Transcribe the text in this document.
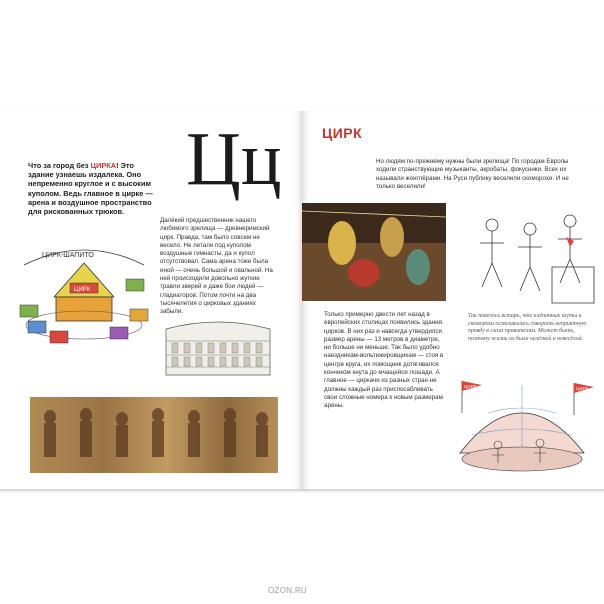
Цц
Что за город без ЦИРКА! Это здание узнаешь издалека. Оно непременно круглое и с высоким куполом. Ведь главное в цирке — арена и воздушное пространство для рискованных трюков.
Далёкий предшественник нашего любимого зрелища — древнеримский цирк. Правда, там было совсем не весело. Не летали под куполом воздушные гимнасты, да и купол отсутствовал. Сама арена тоже была иной — очень большой и овальной. На ней происходили довольно жуткие травли зверей и даже бои людей — гладиаторов. Потом почти на два тысячелетия о цирковых зданиях забыли.
ЦИРК-ШАПИТО
ЦИРК
ЦИРК
Но людям по-прежнему нужны были зрелища! По городам Европы ходили странствующие музыканты, акробаты, фокусники. Всех их называли жонглёрами. На Руси публику веселили скоморохи. И не только веселили!
Так повелось встарь, что клёпанные шуты и скоморохи осмеливались говорить неприятную правду в глаза правителям. Может быть, поэтому жизнь их была нелёгкой и невесёлой.
Только примерно двести лет назад в европейских столицах появились здания цирков. В них раз и навсегда утвердился размер арены — 13 метров в диаметре, ни больше ни меньше. Так было удобно наездникам-вольтижировщикам — стоя в центре круга, их помощник дотягивался кончиком кнута до мчащейся лошади. А главное — циркачи из разных стран не должны каждый раз приспосабливать свои сложные номера к новым размерам арены.
ЦИРК	ЦИРК
OZON.RU
